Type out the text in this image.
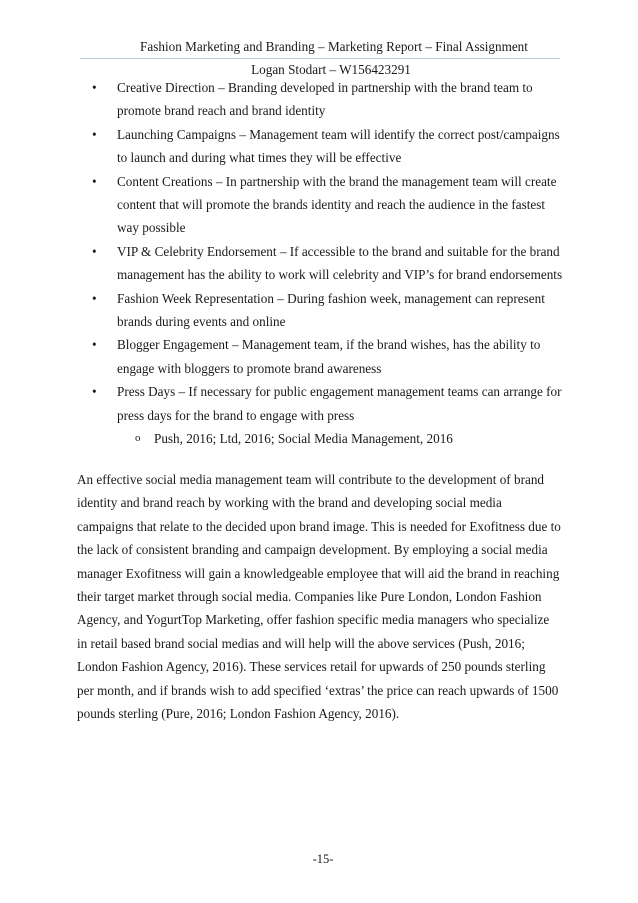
Fashion Marketing and Branding – Marketing Report – Final Assignment
Logan Stodart – W156423291
• Creative Direction – Branding developed in partnership with the brand team to promote brand reach and brand identity
• Launching Campaigns – Management team will identify the correct post/campaigns to launch and during what times they will be effective
• Content Creations – In partnership with the brand the management team will create content that will promote the brands identity and reach the audience in the fastest way possible
• VIP & Celebrity Endorsement – If accessible to the brand and suitable for the brand management has the ability to work will celebrity and VIP’s for brand endorsements
• Fashion Week Representation – During fashion week, management can represent brands during events and online
• Blogger Engagement – Management team, if the brand wishes, has the ability to engage with bloggers to promote brand awareness
• Press Days – If necessary for public engagement management teams can arrange for press days for the brand to engage with press
o Push, 2016; Ltd, 2016; Social Media Management, 2016

An effective social media management team will contribute to the development of brand identity and brand reach by working with the brand and developing social media campaigns that relate to the decided upon brand image. This is needed for Exofitness due to the lack of consistent branding and campaign development. By employing a social media manager Exofitness will gain a knowledgeable employee that will aid the brand in reaching their target market through social media. Companies like Pure London, London Fashion Agency, and YogurtTop Marketing, offer fashion specific media managers who specialize in retail based brand social medias and will help will the above services (Push, 2016; London Fashion Agency, 2016). These services retail for upwards of 250 pounds sterling per month, and if brands wish to add specified ‘extras’ the price can reach upwards of 1500 pounds sterling (Pure, 2016; London Fashion Agency, 2016).

-15-
